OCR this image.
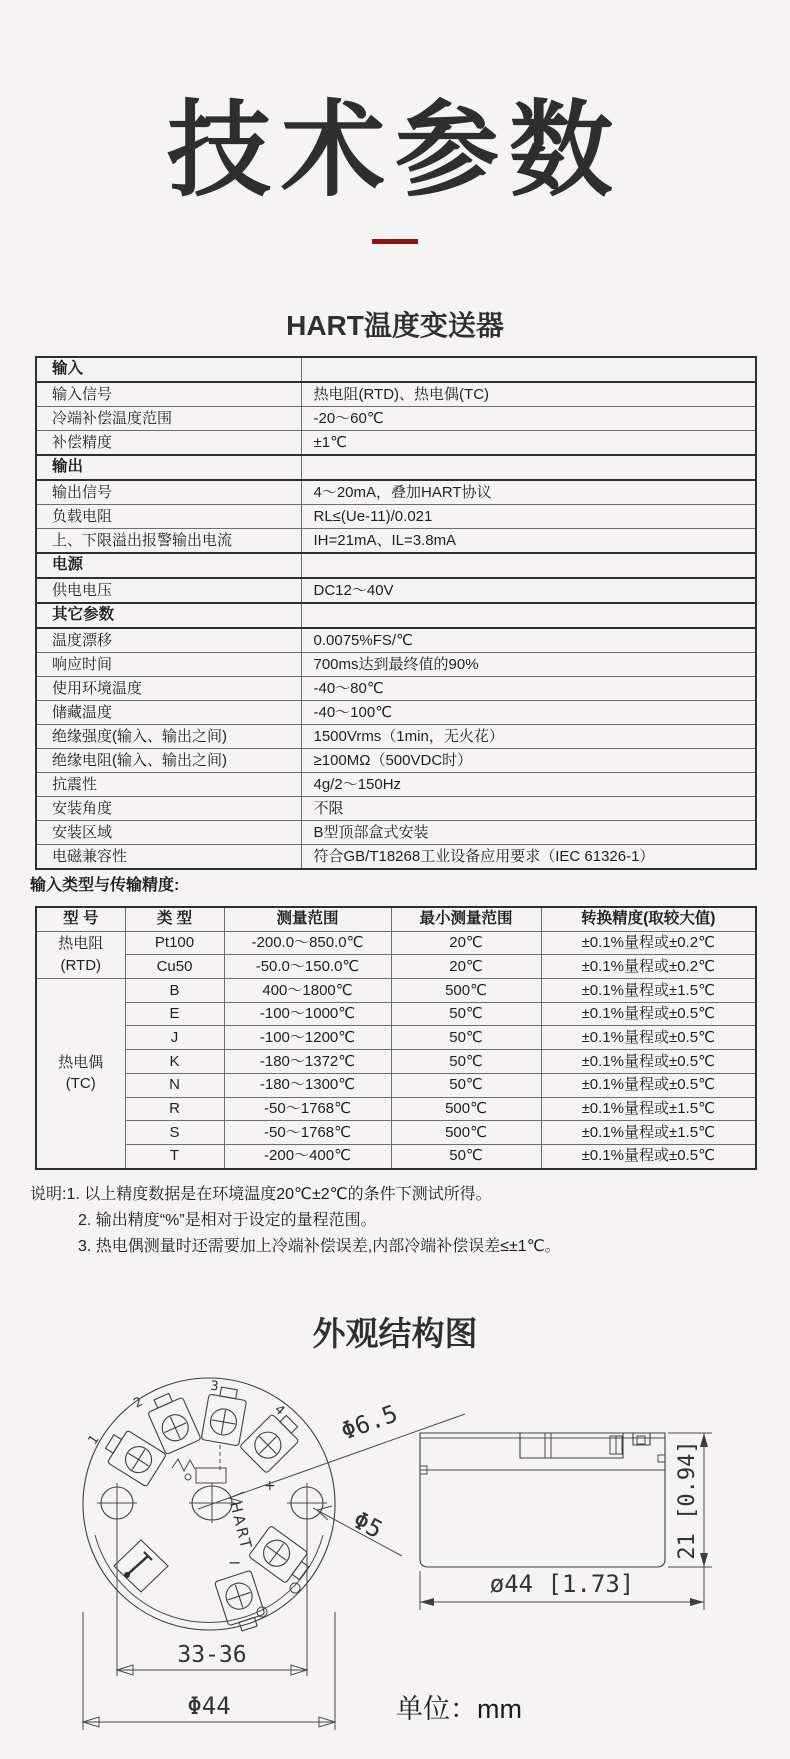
技术参数
HART温度变送器
输入	
输入信号	热电阻(RTD)、热电偶(TC)
冷端补偿温度范围	-20～60℃
补偿精度	±1℃
输出	
输出信号	4～20mA，叠加HART协议
负载电阻	RL≤(Ue-11)/0.021
上、下限溢出报警输出电流	IH=21mA、IL=3.8mA
电源	
供电电压	DC12～40V
其它参数	
温度漂移	0.0075%FS/℃
响应时间	700ms达到最终值的90%
使用环境温度	-40～80℃
储藏温度	-40～100℃
绝缘强度(输入、输出之间)	1500Vrms（1min，无火花）
绝缘电阻(输入、输出之间)	≥100MΩ（500VDC时）
抗震性	4g/2～150Hz
安装角度	不限
安装区域	B型顶部盒式安装
电磁兼容性	符合GB/T18268工业设备应用要求（IEC 61326-1）
输入类型与传输精度:
型 号	类 型	测量范围	最小测量范围	转换精度(取较大值)

热电阻
(RTD)	Pt100	-200.0～850.0℃	20℃	±0.1%量程或±0.2℃
	Cu50	-50.0～150.0℃	20℃	±0.1%量程或±0.2℃

热电偶
(TC)	B	400～1800℃	500℃	±0.1%量程或±1.5℃
	E	-100～1000℃	50℃	±0.1%量程或±0.5℃
	J	-100～1200℃	50℃	±0.1%量程或±0.5℃
	K	-180～1372℃	50℃	±0.1%量程或±0.5℃
	N	-180～1300℃	50℃	±0.1%量程或±0.5℃
	R	-50～1768℃	500℃	±0.1%量程或±1.5℃
	S	-50～1768℃	500℃	±0.1%量程或±1.5℃
	T	-200～400℃	50℃	±0.1%量程或±0.5℃
说明:1. 以上精度数据是在环境温度20℃±2℃的条件下测试所得。
2. 输出精度“%”是相对于设定的量程范围。
3. 热电偶测量时还需要加上冷端补偿误差,内部冷端补偿误差≤±1℃。
外观结构图
1
2
3
4
HART
+
−
Φ6.5
Φ5
33-36
Φ44
21 [0.94]
ø44 [1.73]
单位：mm
